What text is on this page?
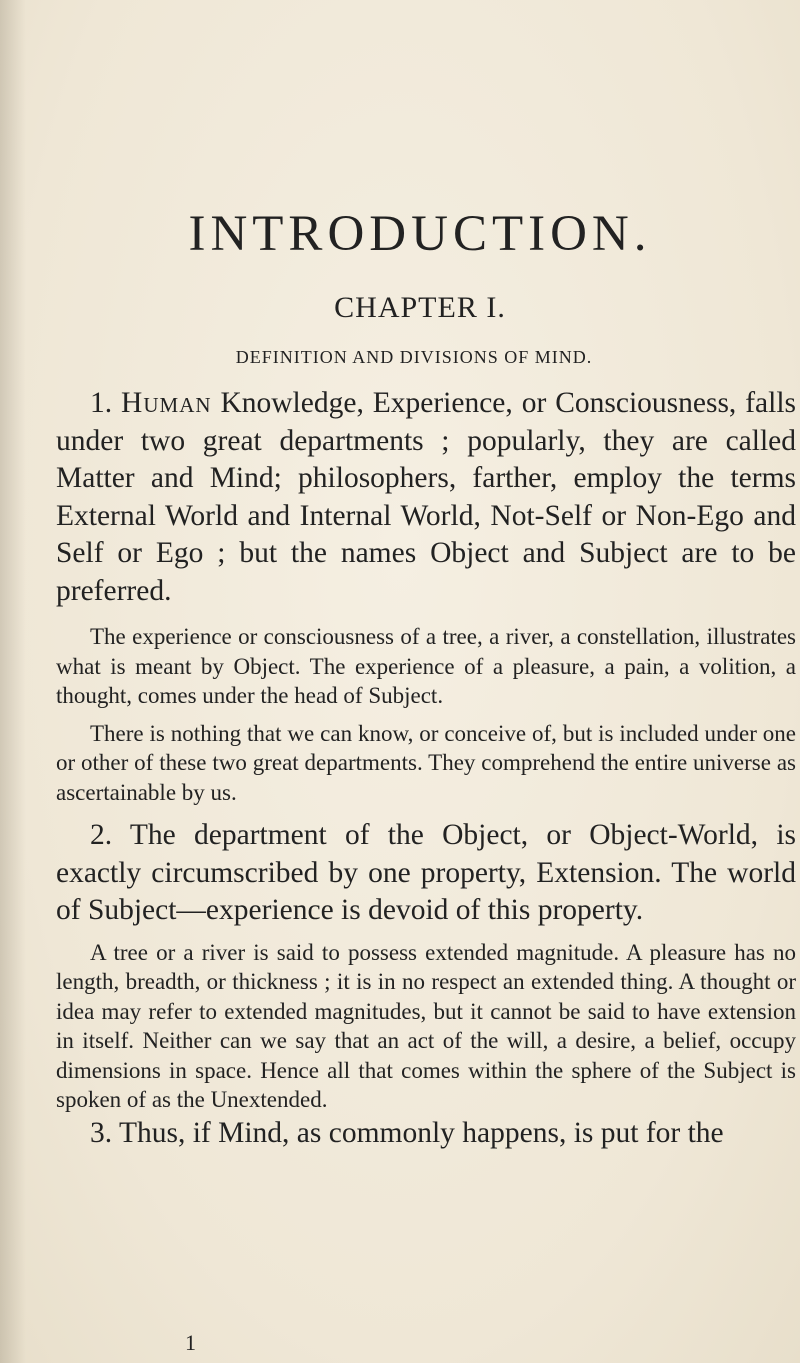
INTRODUCTION.
CHAPTER I.
DEFINITION AND DIVISIONS OF MIND.

1. Human Knowledge, Experience, or Consciousness, falls under two great departments ; popularly, they are called Matter and Mind; philosophers, farther, employ the terms External World and Internal World, Not-Self or Non-Ego and Self or Ego ; but the names Object and Subject are to be preferred.

The experience or consciousness of a tree, a river, a constellation, illustrates what is meant by Object. The experience of a pleasure, a pain, a volition, a thought, comes under the head of Subject.

There is nothing that we can know, or conceive of, but is included under one or other of these two great departments. They comprehend the entire universe as ascertainable by us.

2. The department of the Object, or Object-World, is exactly circumscribed by one property, Extension. The world of Subject—experience is devoid of this property.

A tree or a river is said to possess extended magnitude. A pleasure has no length, breadth, or thickness ; it is in no respect an extended thing. A thought or idea may refer to extended magnitudes, but it cannot be said to have extension in itself. Neither can we say that an act of the will, a desire, a belief, occupy dimensions in space. Hence all that comes within the sphere of the Subject is spoken of as the Unextended.

3. Thus, if Mind, as commonly happens, is put for the

1
